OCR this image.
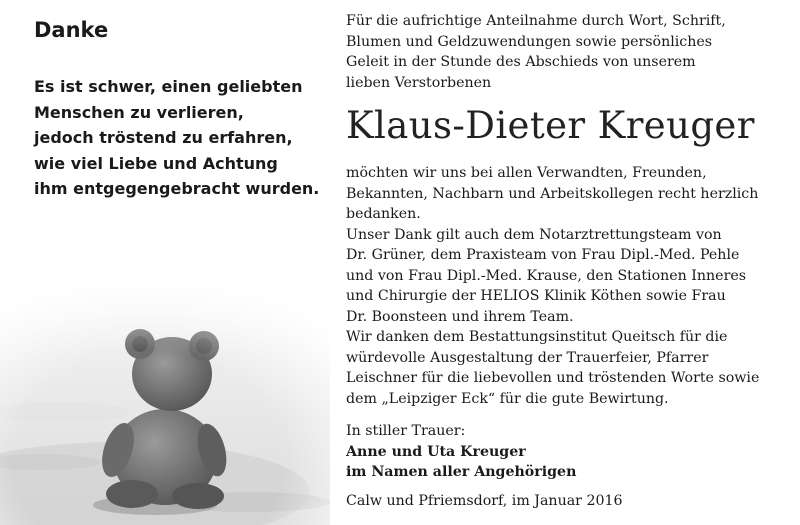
Danke
Es ist schwer, einen geliebten
Menschen zu verlieren,
jedoch tröstend zu erfahren,
wie viel Liebe und Achtung
ihm entgegengebracht wurden.
Für die aufrichtige Anteilnahme durch Wort, Schrift,
Blumen und Geldzuwendungen sowie persönliches
Geleit in der Stunde des Abschieds von unserem
lieben Verstorbenen
Klaus-Dieter Kreuger
möchten wir uns bei allen Verwandten, Freunden,
Bekannten, Nachbarn und Arbeitskollegen recht herzlich
bedanken.
Unser Dank gilt auch dem Notarztrettungsteam von
Dr. Grüner, dem Praxisteam von Frau Dipl.-Med. Pehle
und von Frau Dipl.-Med. Krause, den Stationen Inneres
und Chirurgie der HELIOS Klinik Köthen sowie Frau
Dr. Boonsteen und ihrem Team.
Wir danken dem Bestattungsinstitut Queitsch für die
würdevolle Ausgestaltung der Trauerfeier, Pfarrer
Leischner für die liebevollen und tröstenden Worte sowie
dem „Leipziger Eck“ für die gute Bewirtung.
In stiller Trauer:
Anne und Uta Kreuger
im Namen aller Angehörigen
Calw und Pfriemsdorf, im Januar 2016
